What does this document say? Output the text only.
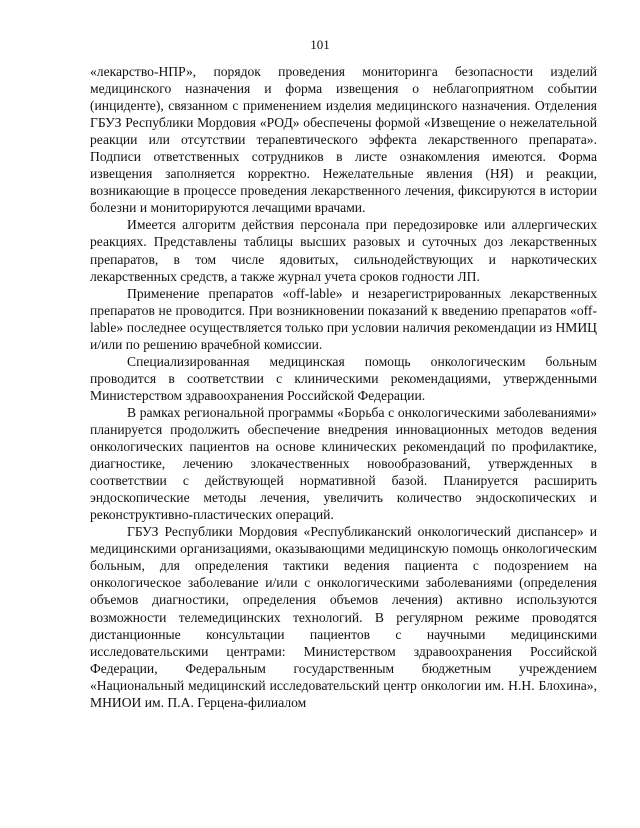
101

«лекарство-НПР», порядок проведения мониторинга безопасности изделий медицинского назначения и форма извещения о неблагоприятном событии (инциденте), связанном с применением изделия медицинского назначения. Отделения ГБУЗ Республики Мордовия «РОД» обеспечены формой «Извещение о нежелательной реакции или отсутствии терапевтического эффекта лекарственного препарата». Подписи ответственных сотрудников в листе ознакомления имеются. Форма извещения заполняется корректно. Нежелательные явления (НЯ) и реакции, возникающие в процессе проведения лекарственного лечения, фиксируются в истории болезни и мониторируются лечащими врачами.

Имеется алгоритм действия персонала при передозировке или аллергических реакциях. Представлены таблицы высших разовых и суточных доз лекарственных препаратов, в том числе ядовитых, сильнодействующих и наркотических лекарственных средств, а также журнал учета сроков годности ЛП.

Применение препаратов «off-lable» и незарегистрированных лекарственных препаратов не проводится. При возникновении показаний к введению препаратов «off-lable» последнее осуществляется только при условии наличия рекомендации из НМИЦ и/или по решению врачебной комиссии.

Специализированная медицинская помощь онкологическим больным проводится в соответствии с клиническими рекомендациями, утвержденными Министерством здравоохранения Российской Федерации.

В рамках региональной программы «Борьба с онкологическими заболеваниями» планируется продолжить обеспечение внедрения инновационных методов ведения онкологических пациентов на основе клинических рекомендаций по профилактике, диагностике, лечению злокачественных новообразований, утвержденных в соответствии с действующей нормативной базой. Планируется расширить эндоскопические методы лечения, увеличить количество эндоскопических и реконструктивно-пластических операций.

ГБУЗ Республики Мордовия «Республиканский онкологический диспансер» и медицинскими организациями, оказывающими медицинскую помощь онкологическим больным, для определения тактики ведения пациента с подозрением на онкологическое заболевание и/или с онкологическими заболеваниями (определения объемов диагностики, определения объемов лечения) активно используются возможности телемедицинских технологий. В регулярном режиме проводятся дистанционные консультации пациентов с научными медицинскими исследовательскими центрами: Министерством здравоохранения Российской Федерации, Федеральным государственным бюджетным учреждением «Национальный медицинский исследовательский центр онкологии им. Н.Н. Блохина», МНИОИ им. П.А. Герцена-филиалом
